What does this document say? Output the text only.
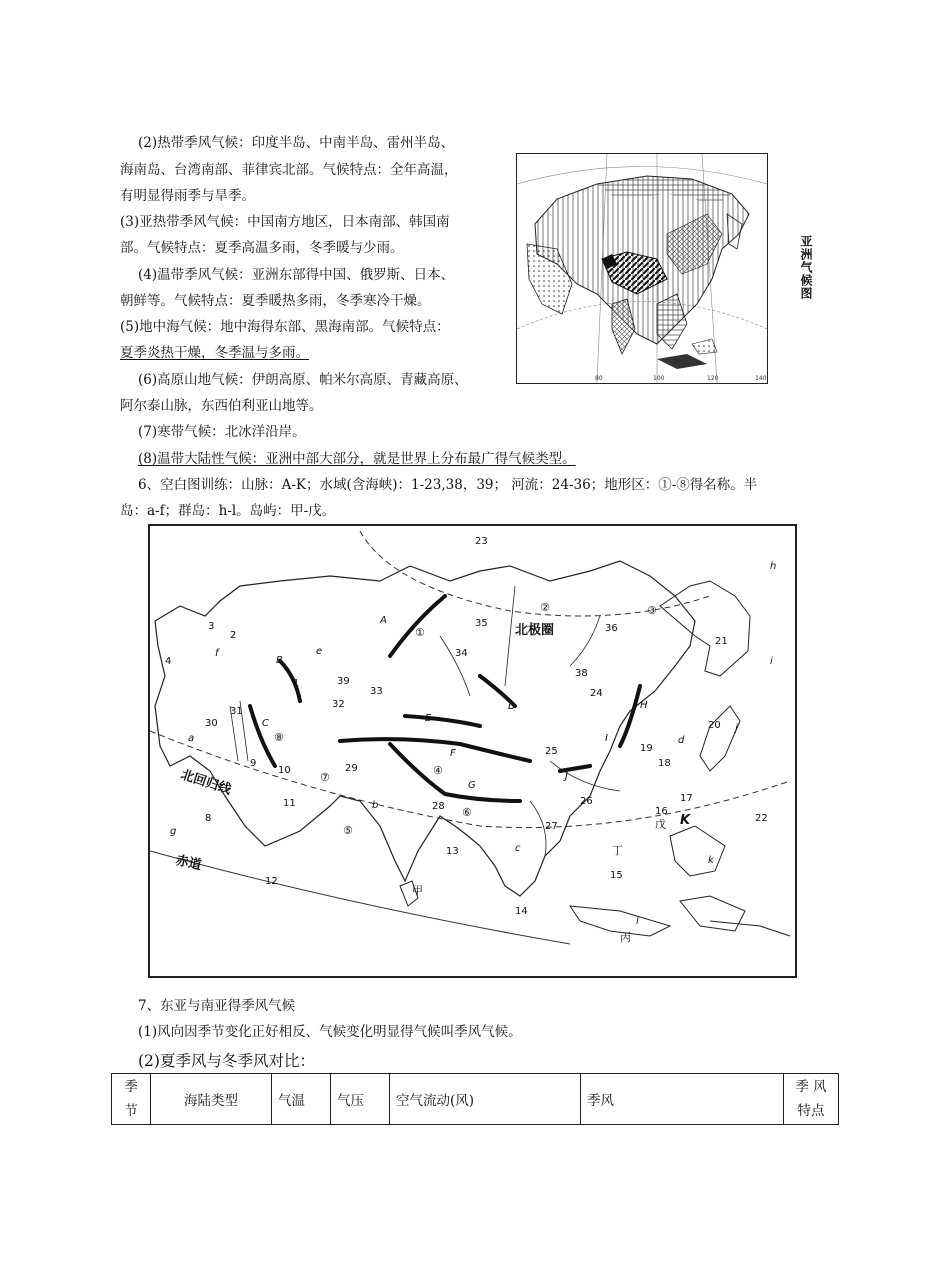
(2)热带季风气候：印度半岛、中南半岛、雷州半岛、
海南岛、台湾南部、菲律宾北部。气候特点：全年高温，
有明显得雨季与旱季。
(3)亚热带季风气候：中国南方地区，日本南部、韩国南
部。气候特点：夏季高温多雨，冬季暖与少雨。
(4)温带季风气候：亚洲东部得中国、俄罗斯、日本、
朝鲜等。气候特点：夏季暖热多雨，冬季寒冷干燥。
(5)地中海气候：地中海得东部、黑海南部。气候特点：
夏季炎热干燥，冬季温与多雨。
(6)高原山地气候：伊朗高原、帕米尔高原、青藏高原、
阿尔泰山脉，东西伯利亚山地等。
(7)寒带气候：北冰洋沿岸。
(8)温带大陆性气候：亚洲中部大部分，就是世界上分布最广得气候类型。
80	100	120	140
亚洲气候图
6、空白图训练：山脉：A-K；水域(含海峡)：1-23,38，39； 河流：24-36；地形区：①-⑧得名称。半
岛：a-f；群岛：h-l。岛屿：甲-戊。
23
35	36
34
38
24
21
3
2
4
1	39
33
32
31
30
9
10	29
25	19
18
20
17
16
22
11
8
28	26
27
13
12
15
14
A
B
C
D
E
F
G
H
I
J
K
a
b
c
d
e
f
g
h
i
j
k
l
①
②	③
④
⑤
⑥
⑦
⑧
甲
丙
丁
戊
北极圈
北回归线
赤道
7、东亚与南亚得季风气候
(1)风向因季节变化正好相反、气候变化明显得气候叫季风气候。
(2)夏季风与冬季风对比：
季
节	海陆类型	气温	气压	空气流动(风)	季风	季 风
特点
